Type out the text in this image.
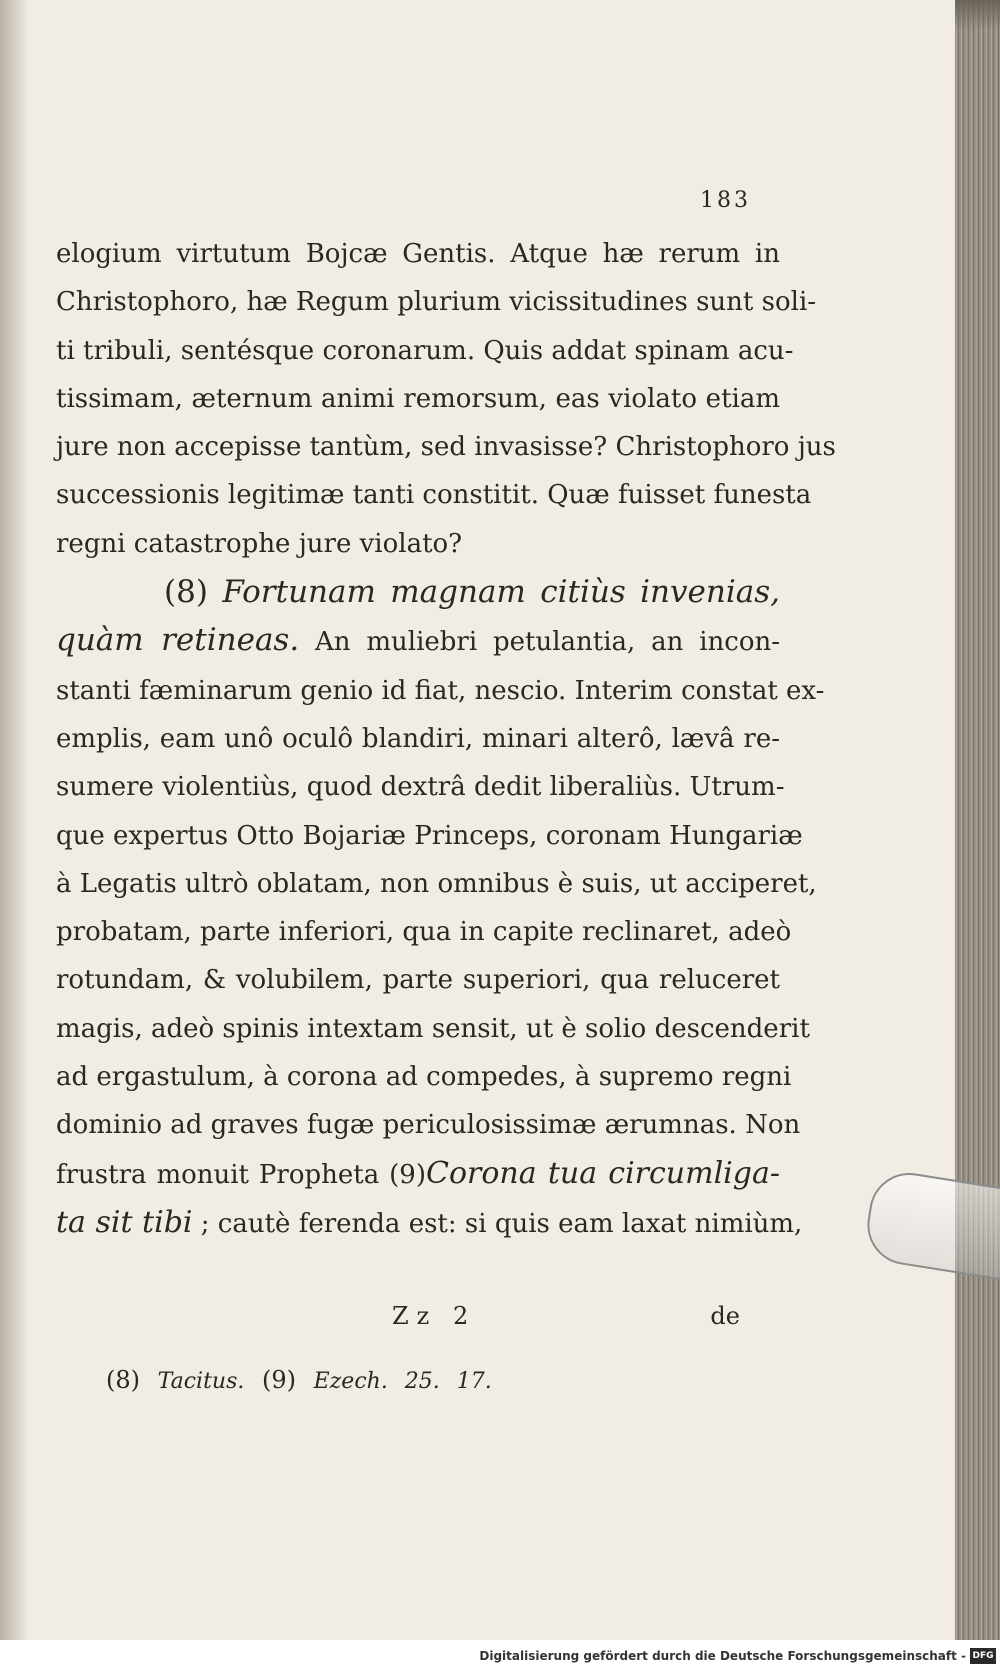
183
elogium virtutum Bojcæ Gentis. Atque hæ rerum in
Christophoro, hæ Regum plurium vicissitudines sunt soli-
ti tribuli, sentésque coronarum. Quis addat spinam acu-
tissimam, æternum animi remorsum, eas violato etiam
jure non accepisse tantùm, sed invasisse? Christophoro jus
successionis legitimæ tanti constitit. Quæ fuisset funesta
regni catastrophe jure violato?
(8) Fortunam magnam citiùs invenias,
quàm retineas. An muliebri petulantia, an incon-
stanti fæminarum genio id fiat, nescio. Interim constat ex-
emplis, eam unô oculô blandiri, minari alterô, lævâ re-
sumere violentiùs, quod dextrâ dedit liberaliùs. Utrum-
que expertus Otto Bojariæ Princeps, coronam Hungariæ
à Legatis ultrò oblatam, non omnibus è suis, ut acciperet,
probatam, parte inferiori, qua in capite reclinaret, adeò
rotundam, & volubilem, parte superiori, qua reluceret
magis, adeò spinis intextam sensit, ut è solio descenderit
ad ergastulum, à corona ad compedes, à supremo regni
dominio ad graves fugæ periculosissimæ ærumnas. Non
frustra monuit Propheta (9)Corona tua circumliga-
ta sit tibi ; cautè ferenda est: si quis eam laxat nimiùm,
Zz 2	de
(8) Tacitus. (9) Ezech. 25. 17.
Digitalisierung gefördert durch die Deutsche Forschungsgemeinschaft - DFG
